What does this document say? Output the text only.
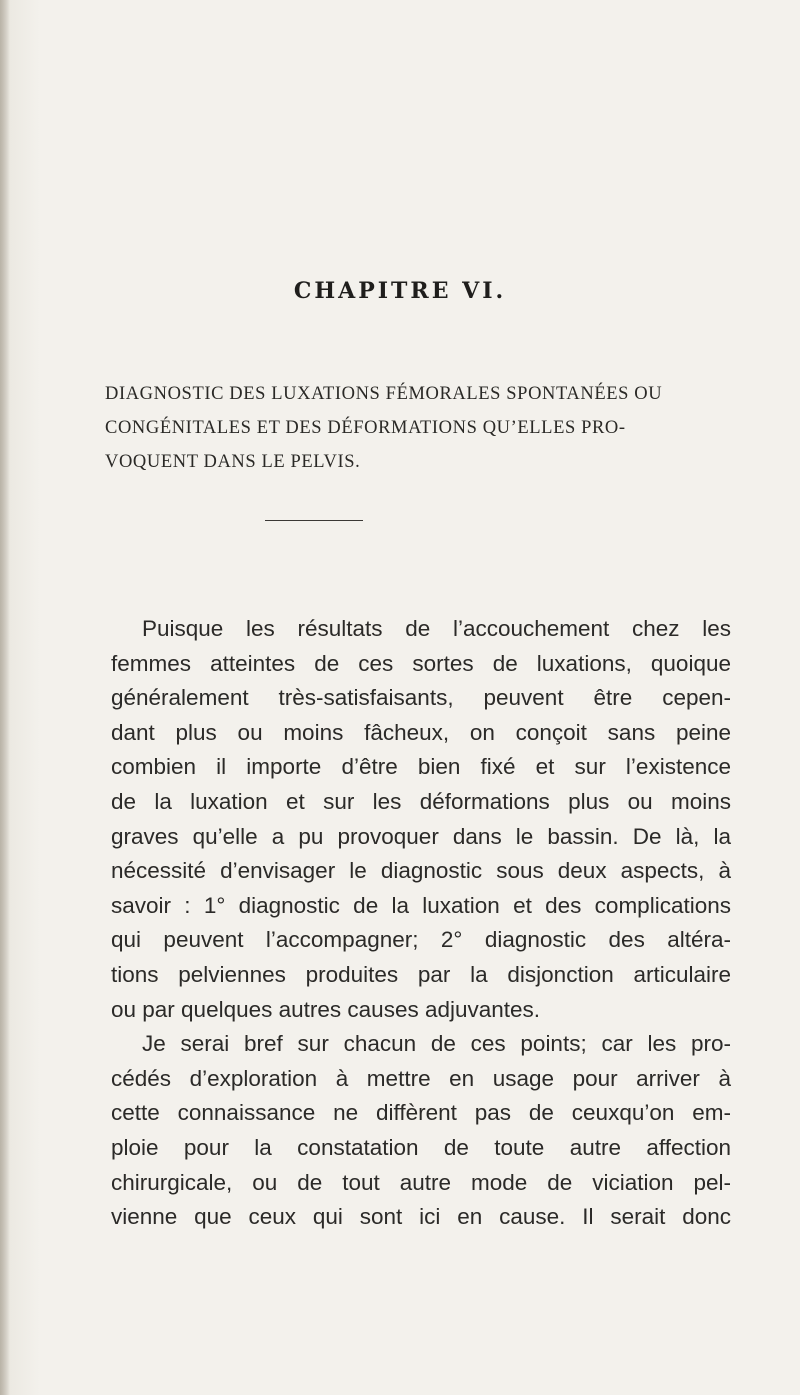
CHAPITRE VI.
DIAGNOSTIC DES LUXATIONS FÉMORALES SPONTANÉES OU
CONGÉNITALES ET DES DÉFORMATIONS QU’ELLES PRO-
VOQUENT DANS LE PELVIS.
Puisque les résultats de l’accouchement chez les
femmes atteintes de ces sortes de luxations, quoique
généralement très-satisfaisants, peuvent être cepen-
dant plus ou moins fâcheux, on conçoit sans peine
combien il importe d’être bien fixé et sur l’existence
de la luxation et sur les déformations plus ou moins
graves qu’elle a pu provoquer dans le bassin. De là, la
nécessité d’envisager le diagnostic sous deux aspects, à
savoir : 1° diagnostic de la luxation et des complications
qui peuvent l’accompagner; 2° diagnostic des altéra-
tions pelviennes produites par la disjonction articulaire
ou par quelques autres causes adjuvantes.
Je serai bref sur chacun de ces points; car les pro-
cédés d’exploration à mettre en usage pour arriver à
cette connaissance ne diffèrent pas de ceuxqu’on em-
ploie pour la constatation de toute autre affection
chirurgicale, ou de tout autre mode de viciation pel-
vienne que ceux qui sont ici en cause. Il serait donc
